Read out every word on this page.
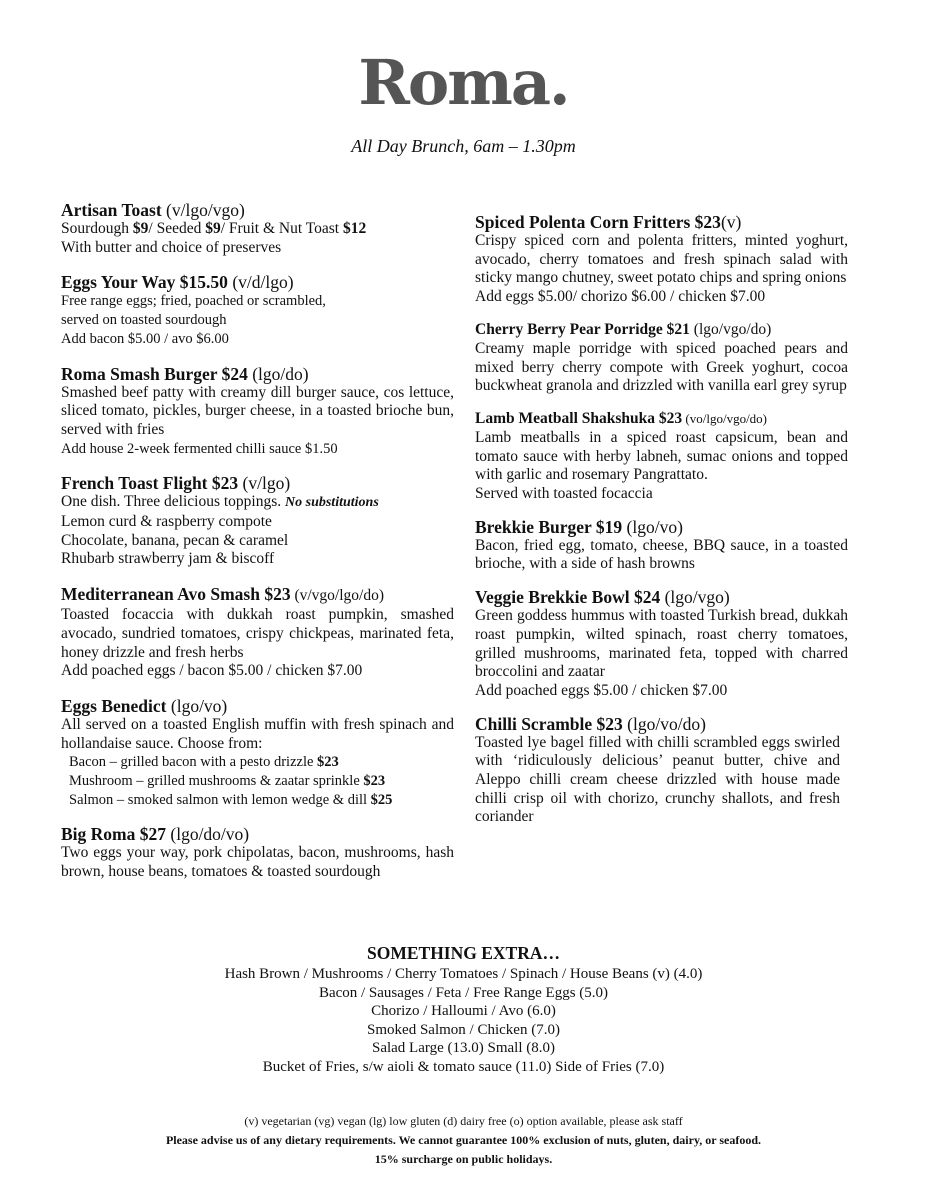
Roma.
All Day Brunch, 6am – 1.30pm
Artisan Toast (v/lgo/vgo)
Sourdough $9/ Seeded $9/ Fruit & Nut Toast $12
With butter and choice of preserves
Eggs Your Way $15.50 (v/d/lgo)
Free range eggs; fried, poached or scrambled,
served on toasted sourdough
Add bacon $5.00 / avo $6.00
Roma Smash Burger $24 (lgo/do)
Smashed beef patty with creamy dill burger sauce, cos lettuce, sliced tomato, pickles, burger cheese, in a toasted brioche bun, served with fries
Add house 2-week fermented chilli sauce $1.50
French Toast Flight $23 (v/lgo)
One dish. Three delicious toppings. No substitutions
Lemon curd & raspberry compote
Chocolate, banana, pecan & caramel
Rhubarb strawberry jam & biscoff
Mediterranean Avo Smash $23 (v/vgo/lgo/do)
Toasted focaccia with dukkah roast pumpkin, smashed avocado, sundried tomatoes, crispy chickpeas, marinated feta, honey drizzle and fresh herbs
Add poached eggs / bacon $5.00 / chicken $7.00
Eggs Benedict (lgo/vo)
All served on a toasted English muffin with fresh spinach and hollandaise sauce. Choose from:
Bacon – grilled bacon with a pesto drizzle $23
Mushroom – grilled mushrooms & zaatar sprinkle $23
Salmon – smoked salmon with lemon wedge & dill $25
Big Roma $27 (lgo/do/vo)
Two eggs your way, pork chipolatas, bacon, mushrooms, hash brown, house beans, tomatoes & toasted sourdough
Spiced Polenta Corn Fritters $23(v)
Crispy spiced corn and polenta fritters, minted yoghurt, avocado, cherry tomatoes and fresh spinach salad with sticky mango chutney, sweet potato chips and spring onions
Add eggs $5.00/ chorizo $6.00 / chicken $7.00
Cherry Berry Pear Porridge $21 (lgo/vgo/do)
Creamy maple porridge with spiced poached pears and mixed berry cherry compote with Greek yoghurt, cocoa buckwheat granola and drizzled with vanilla earl grey syrup
Lamb Meatball Shakshuka $23 (vo/lgo/vgo/do)
Lamb meatballs in a spiced roast capsicum, bean and tomato sauce with herby labneh, sumac onions and topped with garlic and rosemary Pangrattato.
Served with toasted focaccia
Brekkie Burger $19 (lgo/vo)
Bacon, fried egg, tomato, cheese, BBQ sauce, in a toasted brioche, with a side of hash browns
Veggie Brekkie Bowl $24 (lgo/vgo)
Green goddess hummus with toasted Turkish bread, dukkah roast pumpkin, wilted spinach, roast cherry tomatoes, grilled mushrooms, marinated feta, topped with charred broccolini and zaatar
Add poached eggs $5.00 / chicken $7.00
Chilli Scramble $23 (lgo/vo/do)
Toasted lye bagel filled with chilli scrambled eggs swirled with ‘ridiculously delicious’ peanut butter, chive and Aleppo chilli cream cheese drizzled with house made chilli crisp oil with chorizo, crunchy shallots, and fresh coriander
SOMETHING EXTRA…
Hash Brown / Mushrooms / Cherry Tomatoes / Spinach / House Beans (v) (4.0)
Bacon / Sausages / Feta / Free Range Eggs (5.0)
Chorizo / Halloumi / Avo (6.0)
Smoked Salmon / Chicken (7.0)
Salad Large (13.0) Small (8.0)
Bucket of Fries, s/w aioli & tomato sauce (11.0) Side of Fries (7.0)
(v) vegetarian (vg) vegan (lg) low gluten (d) dairy free (o) option available, please ask staff
Please advise us of any dietary requirements. We cannot guarantee 100% exclusion of nuts, gluten, dairy, or seafood.
15% surcharge on public holidays.
